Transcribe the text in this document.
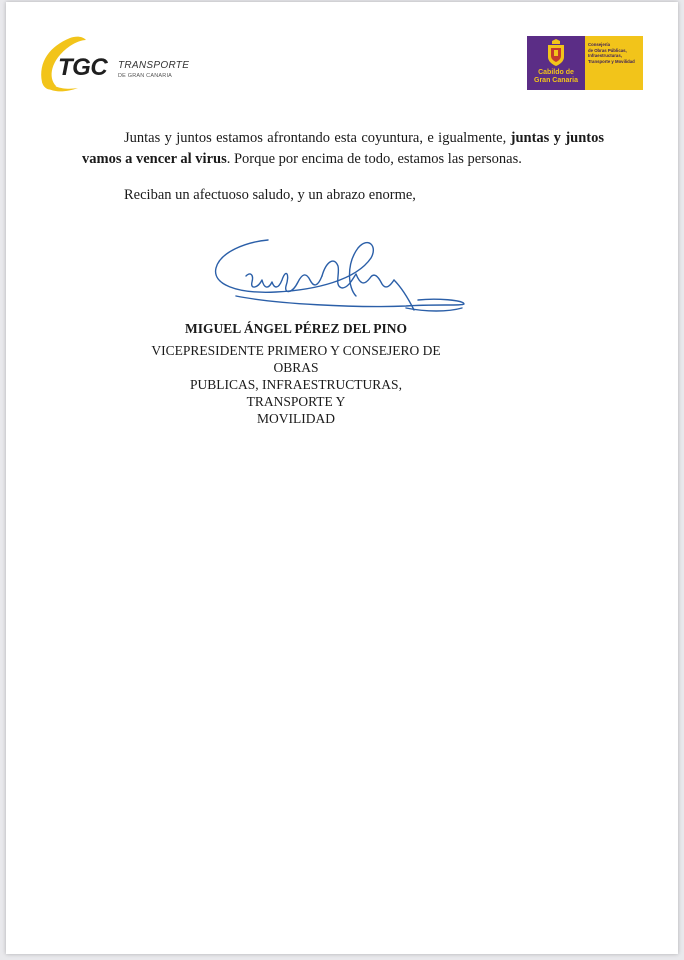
TGC TRANSPORTE
DE GRAN CANARIA	Cabildo de
Gran Canaria
Consejería
de Obras Públicas,
Infraestructuras,
Transporte y Movilidad

Juntas y juntos estamos afrontando esta coyuntura, e igualmente, juntas y juntos vamos a vencer al virus. Porque por encima de todo, estamos las personas.

Reciban un afectuoso saludo, y un abrazo enorme,

MIGUEL ÁNGEL PÉREZ DEL PINO
VICEPRESIDENTE PRIMERO Y CONSEJERO DE OBRAS
PUBLICAS, INFRAESTRUCTURAS, TRANSPORTE Y
MOVILIDAD
